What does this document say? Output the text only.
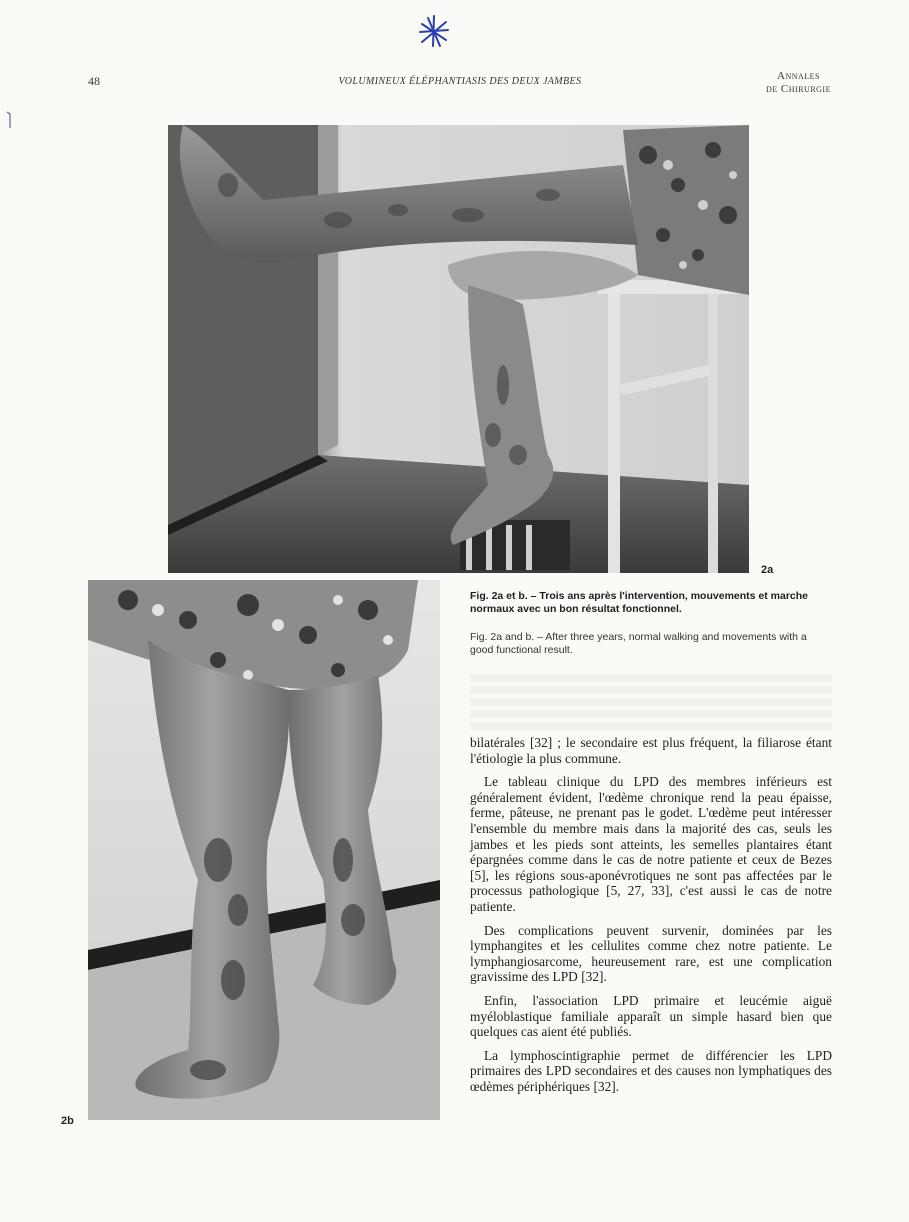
48	VOLUMINEUX ÉLÉPHANTIASIS DES DEUX JAMBES	Annales
de Chirurgie
2a
2b
Fig. 2a et b. – Trois ans après l'intervention, mouvements et marche normaux avec un bon résultat fonctionnel.
Fig. 2a and b. – After three years, normal walking and movements with a good functional result.

bilatérales [32] ; le secondaire est plus fréquent, la filiarose étant l'étiologie la plus commune.

Le tableau clinique du LPD des membres inférieurs est généralement évident, l'œdème chronique rend la peau épaisse, ferme, pâteuse, ne prenant pas le godet. L'œdème peut intéresser l'ensemble du membre mais dans la majorité des cas, seuls les jambes et les pieds sont atteints, les semelles plantaires étant épargnées comme dans le cas de notre patiente et ceux de Bezes [5], les régions sous-aponévrotiques ne sont pas affectées par le processus pathologique [5, 27, 33], c'est aussi le cas de notre patiente.

Des complications peuvent survenir, dominées par les lymphangites et les cellulites comme chez notre patiente. Le lymphangiosarcome, heureusement rare, est une complication gravissime des LPD [32].

Enfin, l'association LPD primaire et leucémie aiguë myéloblastique familiale apparaît un simple hasard bien que quelques cas aient été publiés.

La lymphoscintigraphie permet de différencier les LPD primaires des LPD secondaires et des causes non lymphatiques des œdèmes périphériques [32].
